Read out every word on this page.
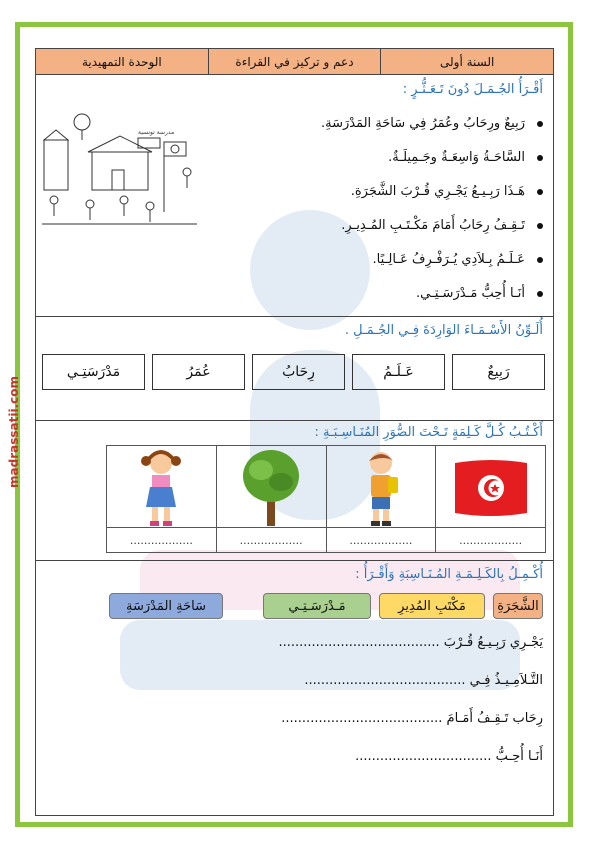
madrassatii.com
السنة أولى
دعم و تركيز في القراءة
الوحدة التمهيدية
أَقْـرَأُ الجُـمَـلَ دُونَ تَـعَـثُّـرٍ :
مدرسة تونسية
رَبِيعٌ ورِحَابُ وعُمَرُ فِي سَاحَةِ المَدْرَسَةِ.
السَّاحَـةُ وَاسِعَـةٌ وجَـمِيلَـةٌ.
هَـذَا رَبِـيـعُ يَجْـرِي قُـرْبَ الشَّجَرَةِ.
تَـقِـفُ رِحَابُ أَمَامَ مَكْـتَـبِ المُـدِيـرِ.
عَـلَـمُ بِـلاَدِي يُـرَفْـرِفُ عَـالِـيًا.
أنَـا أُحِبُّ مَـدْرَسَـتِـي.
أُلَـوِّنُ الأَسْـمَـاءَ الوَارِدَةَ فِـي الجُـمَـلِ .
رَبِيعٌ
عَـلَـمُ
رِحَابُ
عُمَرُ
مَدْرَسَتِـي
أَكْـتُـبُ كُـلَّ كَـلِمَةٍ تَـحْتَ الصُّوَرِ المُنَـاسِـبَـةِ :
..................
..................
..................
..................
أُكْـمِـلُ بِالكَـلِـمَـةِ المُـنَـاسِبَةِ وَأَقْـرَأُ :
الشَّجَرَةِ
مَكْتَبِ المُدِيرِ
مَـدْرَسَـتِـي
سَاحَةِ المَدْرَسَةِ
يَجْـرِي رَبِـيـعُ قُـرْبَ .......................................
التَّـلاَمِـيـذُ فِـي .......................................
رِحَاب تَـقِـفُ أَمَـامَ .......................................
أَنَـا أُحِـبُّ .................................
